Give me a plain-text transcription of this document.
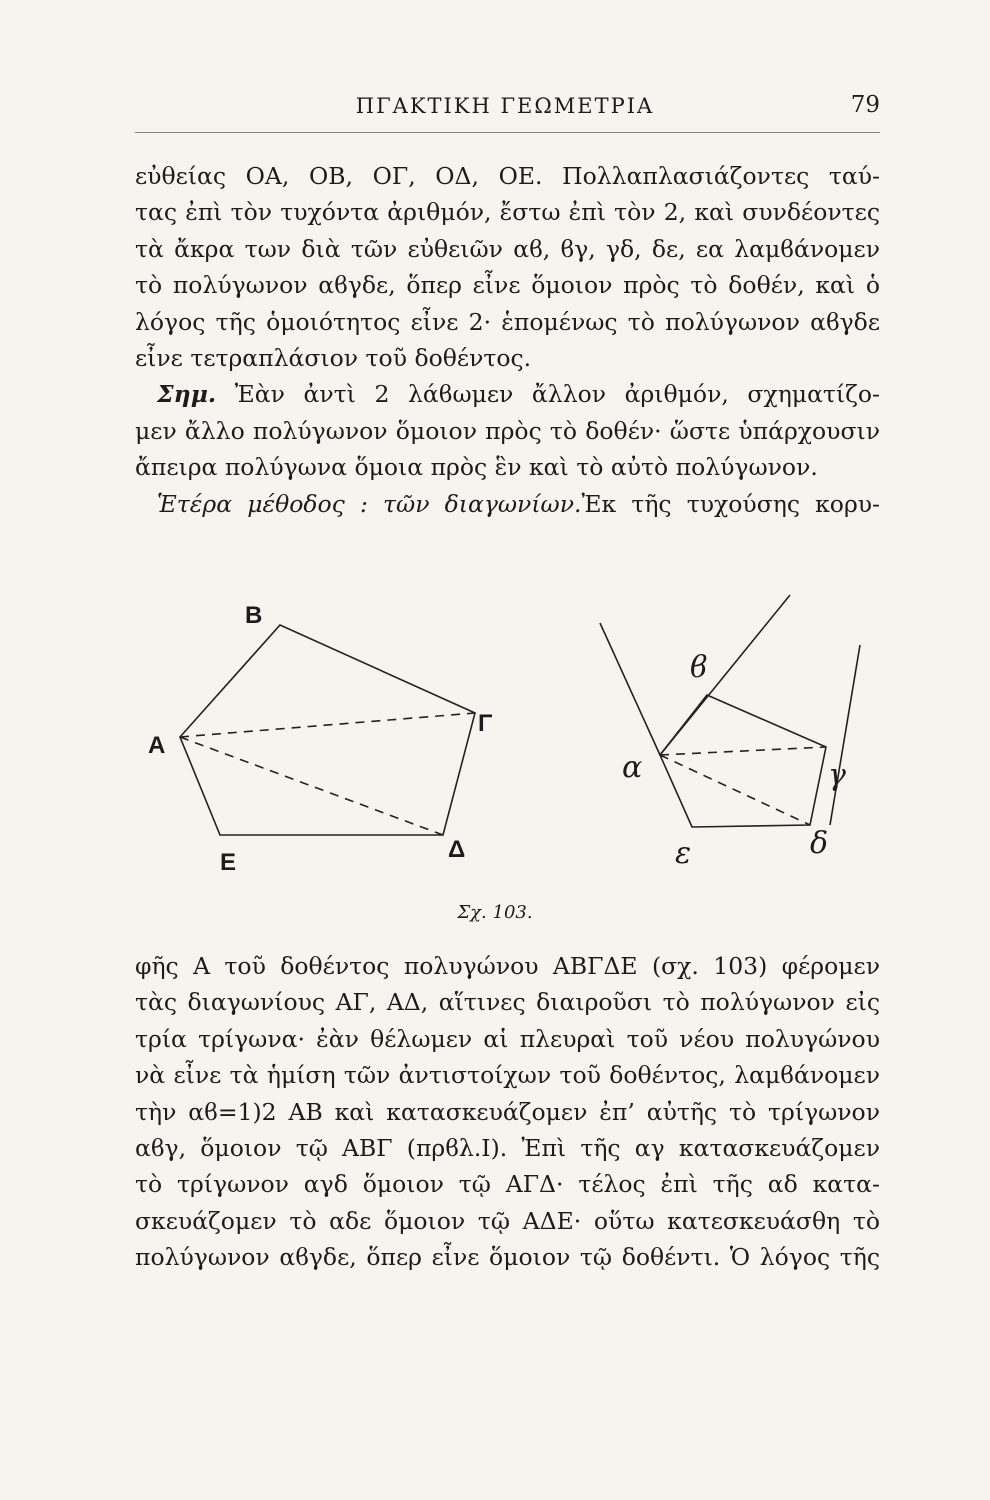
ΠΓΑΚΤΙΚΗ ΓΕΩΜΕΤΡΙΑ	79
εὐθείας ΟΑ, ΟΒ, ΟΓ, ΟΔ, ΟΕ. Πολλαπλασιάζοντες ταύ-
τας ἐπὶ τὸν τυχόντα ἀριθμόν, ἔστω ἐπὶ τὸν 2, καὶ συνδέοντες
τὰ ἄκρα των διὰ τῶν εὐθειῶν αϐ, ϐγ, γδ, δε, εα λαμϐάνομεν
τὸ πολύγωνον αϐγδε, ὅπερ εἶνε ὅμοιον πρὸς τὸ δοθέν, καὶ ὁ
λόγος τῆς ὁμοιότητος εἶνε 2· ἑπομένως τὸ πολύγωνον αϐγδε
εἶνε τετραπλάσιον τοῦ δοθέντος.
Σημ. Ἐὰν ἀντὶ 2 λάϐωμεν ἄλλον ἀριθμόν, σχηματίζο-
μεν ἄλλο πολύγωνον ὅμοιον πρὸς τὸ δοθέν· ὥστε ὑπάρχουσιν
ἄπειρα πολύγωνα ὅμοια πρὸς ἓν καὶ τὸ αὐτὸ πολύγωνον.
Ἑτέρα μέθοδος : τῶν διαγωνίων.Ἐκ τῆς τυχούσης κορυ-
Β
Α
Γ
Ε	Δ
ϐ
α	γ
ε	δ
Σχ. 103.
φῆς Α τοῦ δοθέντος πολυγώνου ΑΒΓΔΕ (σχ. 103) φέρομεν
τὰς διαγωνίους ΑΓ, ΑΔ, αἵτινες διαιροῦσι τὸ πολύγωνον εἰς
τρία τρίγωνα· ἐὰν θέλωμεν αἱ πλευραὶ τοῦ νέου πολυγώνου
νὰ εἶνε τὰ ἡμίση τῶν ἀντιστοίχων τοῦ δοθέντος, λαμϐάνομεν
τὴν αϐ=1)2 ΑΒ καὶ κατασκευάζομεν ἐπ’ αὐτῆς τὸ τρίγωνον
αϐγ, ὅμοιον τῷ ΑΒΓ (πρϐλ.Ι). Ἐπὶ τῆς αγ κατασκευάζομεν
τὸ τρίγωνον αγδ ὅμοιον τῷ ΑΓΔ· τέλος ἐπὶ τῆς αδ κατα-
σκευάζομεν τὸ αδε ὅμοιον τῷ ΑΔΕ· οὕτω κατεσκευάσθη τὸ
πολύγωνον αϐγδε, ὅπερ εἶνε ὅμοιον τῷ δοθέντι. Ὁ λόγος τῆς
